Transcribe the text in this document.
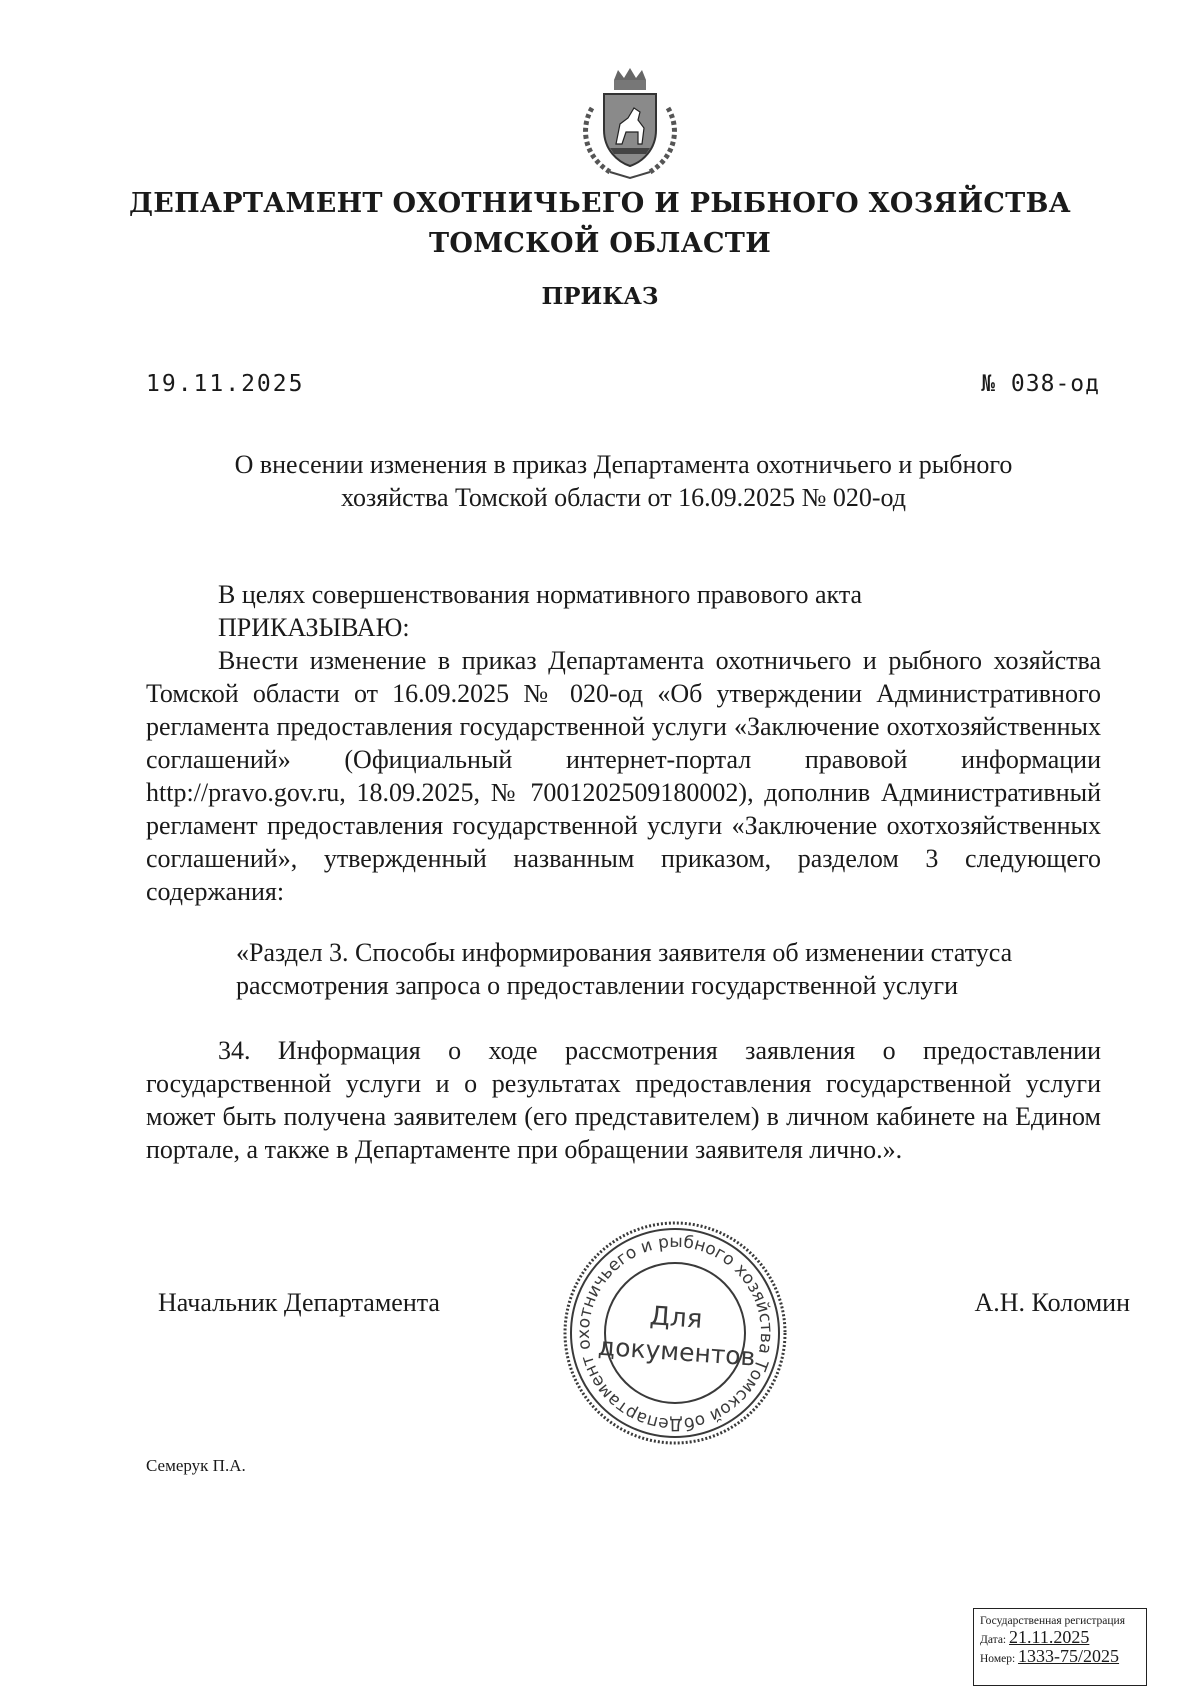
ДЕПАРТАМЕНТ ОХОТНИЧЬЕГО И РЫБНОГО ХОЗЯЙСТВА
ТОМСКОЙ ОБЛАСТИ
ПРИКАЗ
19.11.2025	№ 038-од
О внесении изменения в приказ Департамента охотничьего и рыбного
хозяйства Томской области от 16.09.2025 № 020-од
В целях совершенствования нормативного правового акта
ПРИКАЗЫВАЮ:
Внести изменение в приказ Департамента охотничьего и рыбного хозяйства Томской области от 16.09.2025 № 020-од «Об утверждении Административного регламента предоставления государственной услуги «Заключение охотхозяйственных соглашений» (Официальный интернет-портал правовой информации http://pravo.gov.ru, 18.09.2025, № 7001202509180002), дополнив Административный регламент предоставления государственной услуги «Заключение охотхозяйственных соглашений», утвержденный названным приказом, разделом 3 следующего содержания:
«Раздел 3. Способы информирования заявителя об изменении статуса рассмотрения запроса о предоставлении государственной услуги
34. Информация о ходе рассмотрения заявления о предоставлении государственной услуги и о результатах предоставления государственной услуги может быть получена заявителем (его представителем) в личном кабинете на Едином портале, а также в Департаменте при обращении заявителя лично.».
Начальник Департамента	А.Н. Коломин
Департамент охотничьего и рыбного хозяйства Томской области
Для
документов
Семерук П.А.
Государственная регистрация
Дата: 21.11.2025
Номер: 1333-75/2025
